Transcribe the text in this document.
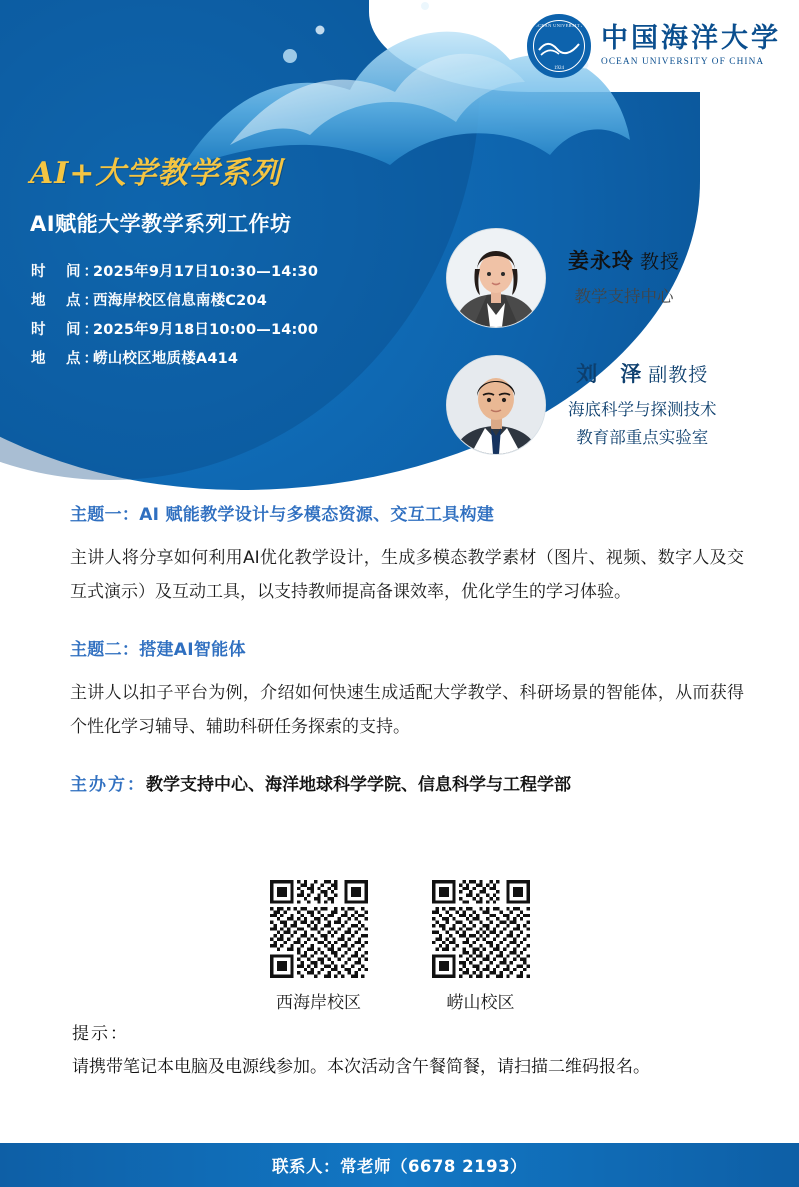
OCEAN UNIVERSITY
1924
中国海洋大学
OCEAN UNIVERSITY OF CHINA
AI+大学教学系列
AI赋能大学教学系列工作坊
时　间：
2025年9月17日10:30—14:30
地　点：
西海岸校区信息南楼C204
时　间：
2025年9月18日10:00—14:00
地　点：
崂山校区地质楼A414
姜永玲 教授
教学支持中心
刘　泽 副教授
海底科学与探测技术
教育部重点实验室
主题一：AI 赋能教学设计与多模态资源、交互工具构建
主讲人将分享如何利用AI优化教学设计，生成多模态教学素材（图片、视频、数字人及交互式演示）及互动工具，以支持教师提高备课效率，优化学生的学习体验。
主题二：搭建AI智能体
主讲人以扣子平台为例，介绍如何快速生成适配大学教学、科研场景的智能体，从而获得个性化学习辅导、辅助科研任务探索的支持。
主办方：教学支持中心、海洋地球科学学院、信息科学与工程学部
西海岸校区	崂山校区
提示：
请携带笔记本电脑及电源线参加。本次活动含午餐简餐，请扫描二维码报名。
联系人：常老师（6678 2193）
